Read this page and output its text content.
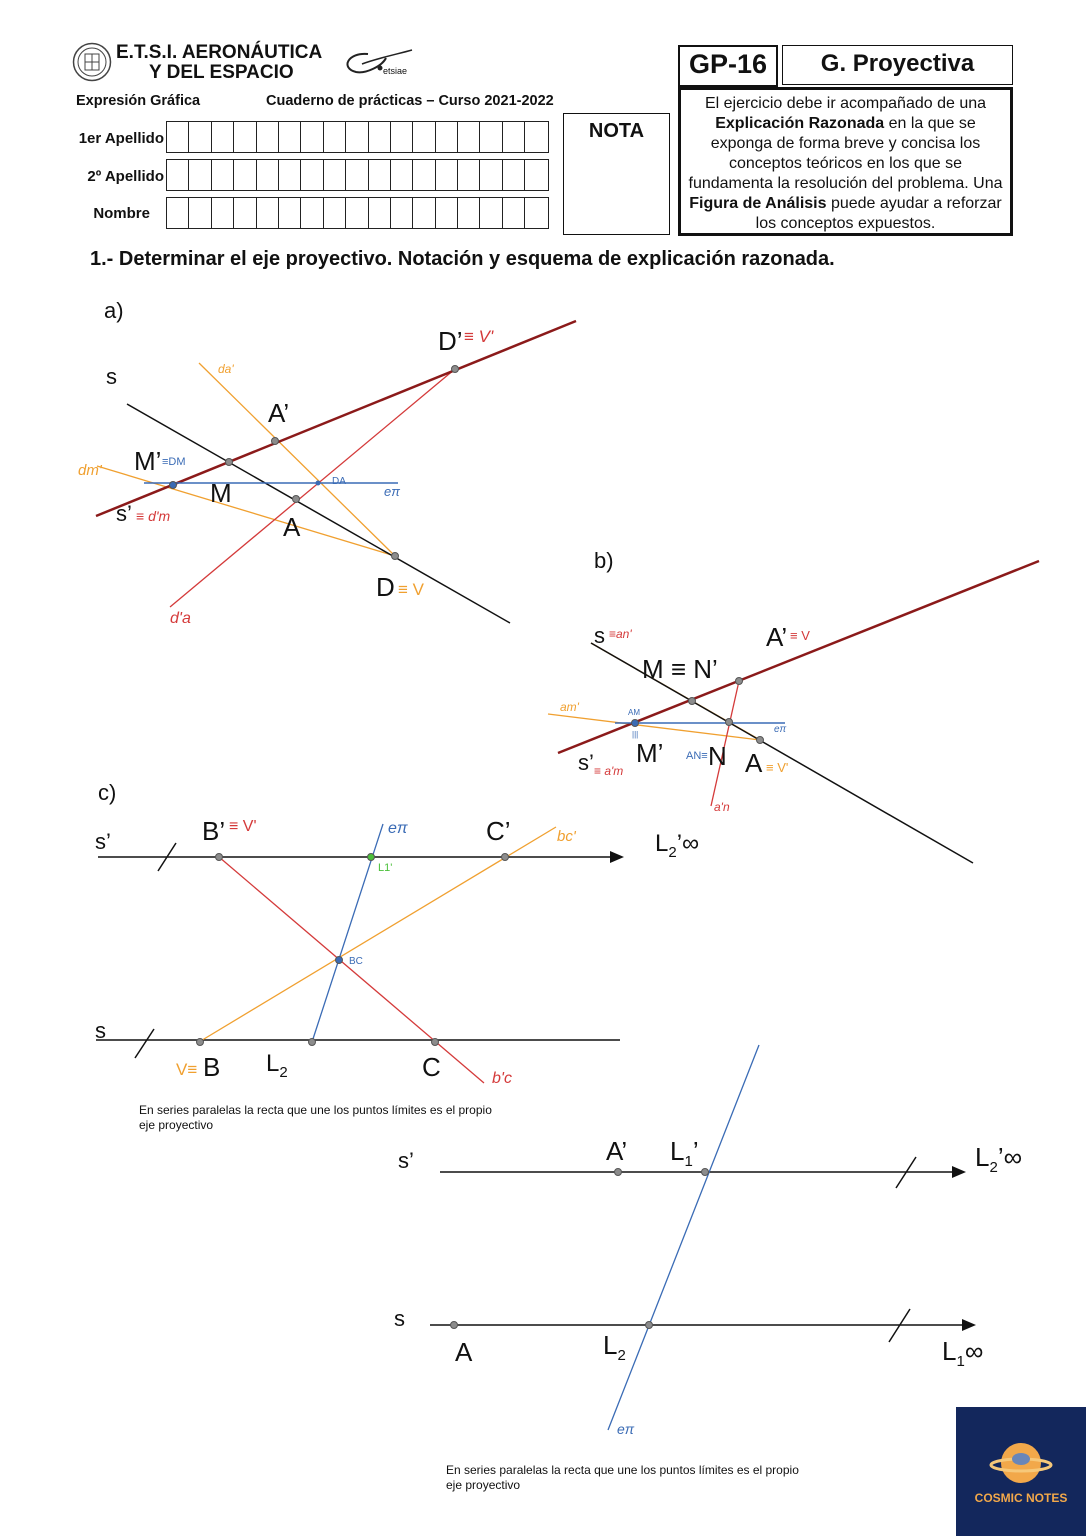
E.T.S.I. AERONÁUTICA
Y DEL ESPACIO	etsiae
Expresión Gráfica	Cuaderno de prácticas – Curso 2021-2022
GP-16	G. Proyectiva
El ejercicio debe ir acompañado de una Explicación Razonada en la que se exponga de forma breve y concisa los conceptos teóricos en los que se fundamenta la resolución del problema. Una Figura de Análisis puede ayudar a reforzar los conceptos expuestos.
NOTA
1er Apellido
2º Apellido
Nombre
1.- Determinar el eje proyectivo. Notación y esquema de explicación razonada.
a)
s
D’ ≡ V'
da'
A’
M’ ≡DM
dm'
M	DA
eπ
s’ ≡ d'm	A
D ≡ V
d'a
b)
s ≡an'	A’ ≡ V
M ≡ N’
am'	AM
|||	eπ
M’ AN≡ N A ≡ V'
s’ ≡ a'm
a'n
c)
s’	B’ ≡ V'	eπ	C’	bc'
L1'
$L_2’\infty$
BC
s
V≡ B $L_2$	C	b'c
En series paralelas la recta que une los puntos límites es el propio eje proyectivo
A’ $L_1$’
s’	$L_2’\infty$
s
$L_2$
A	$L_1\infty$
eπ
En series paralelas la recta que une los puntos límites es el propio eje proyectivo
COSMIC NOTES
